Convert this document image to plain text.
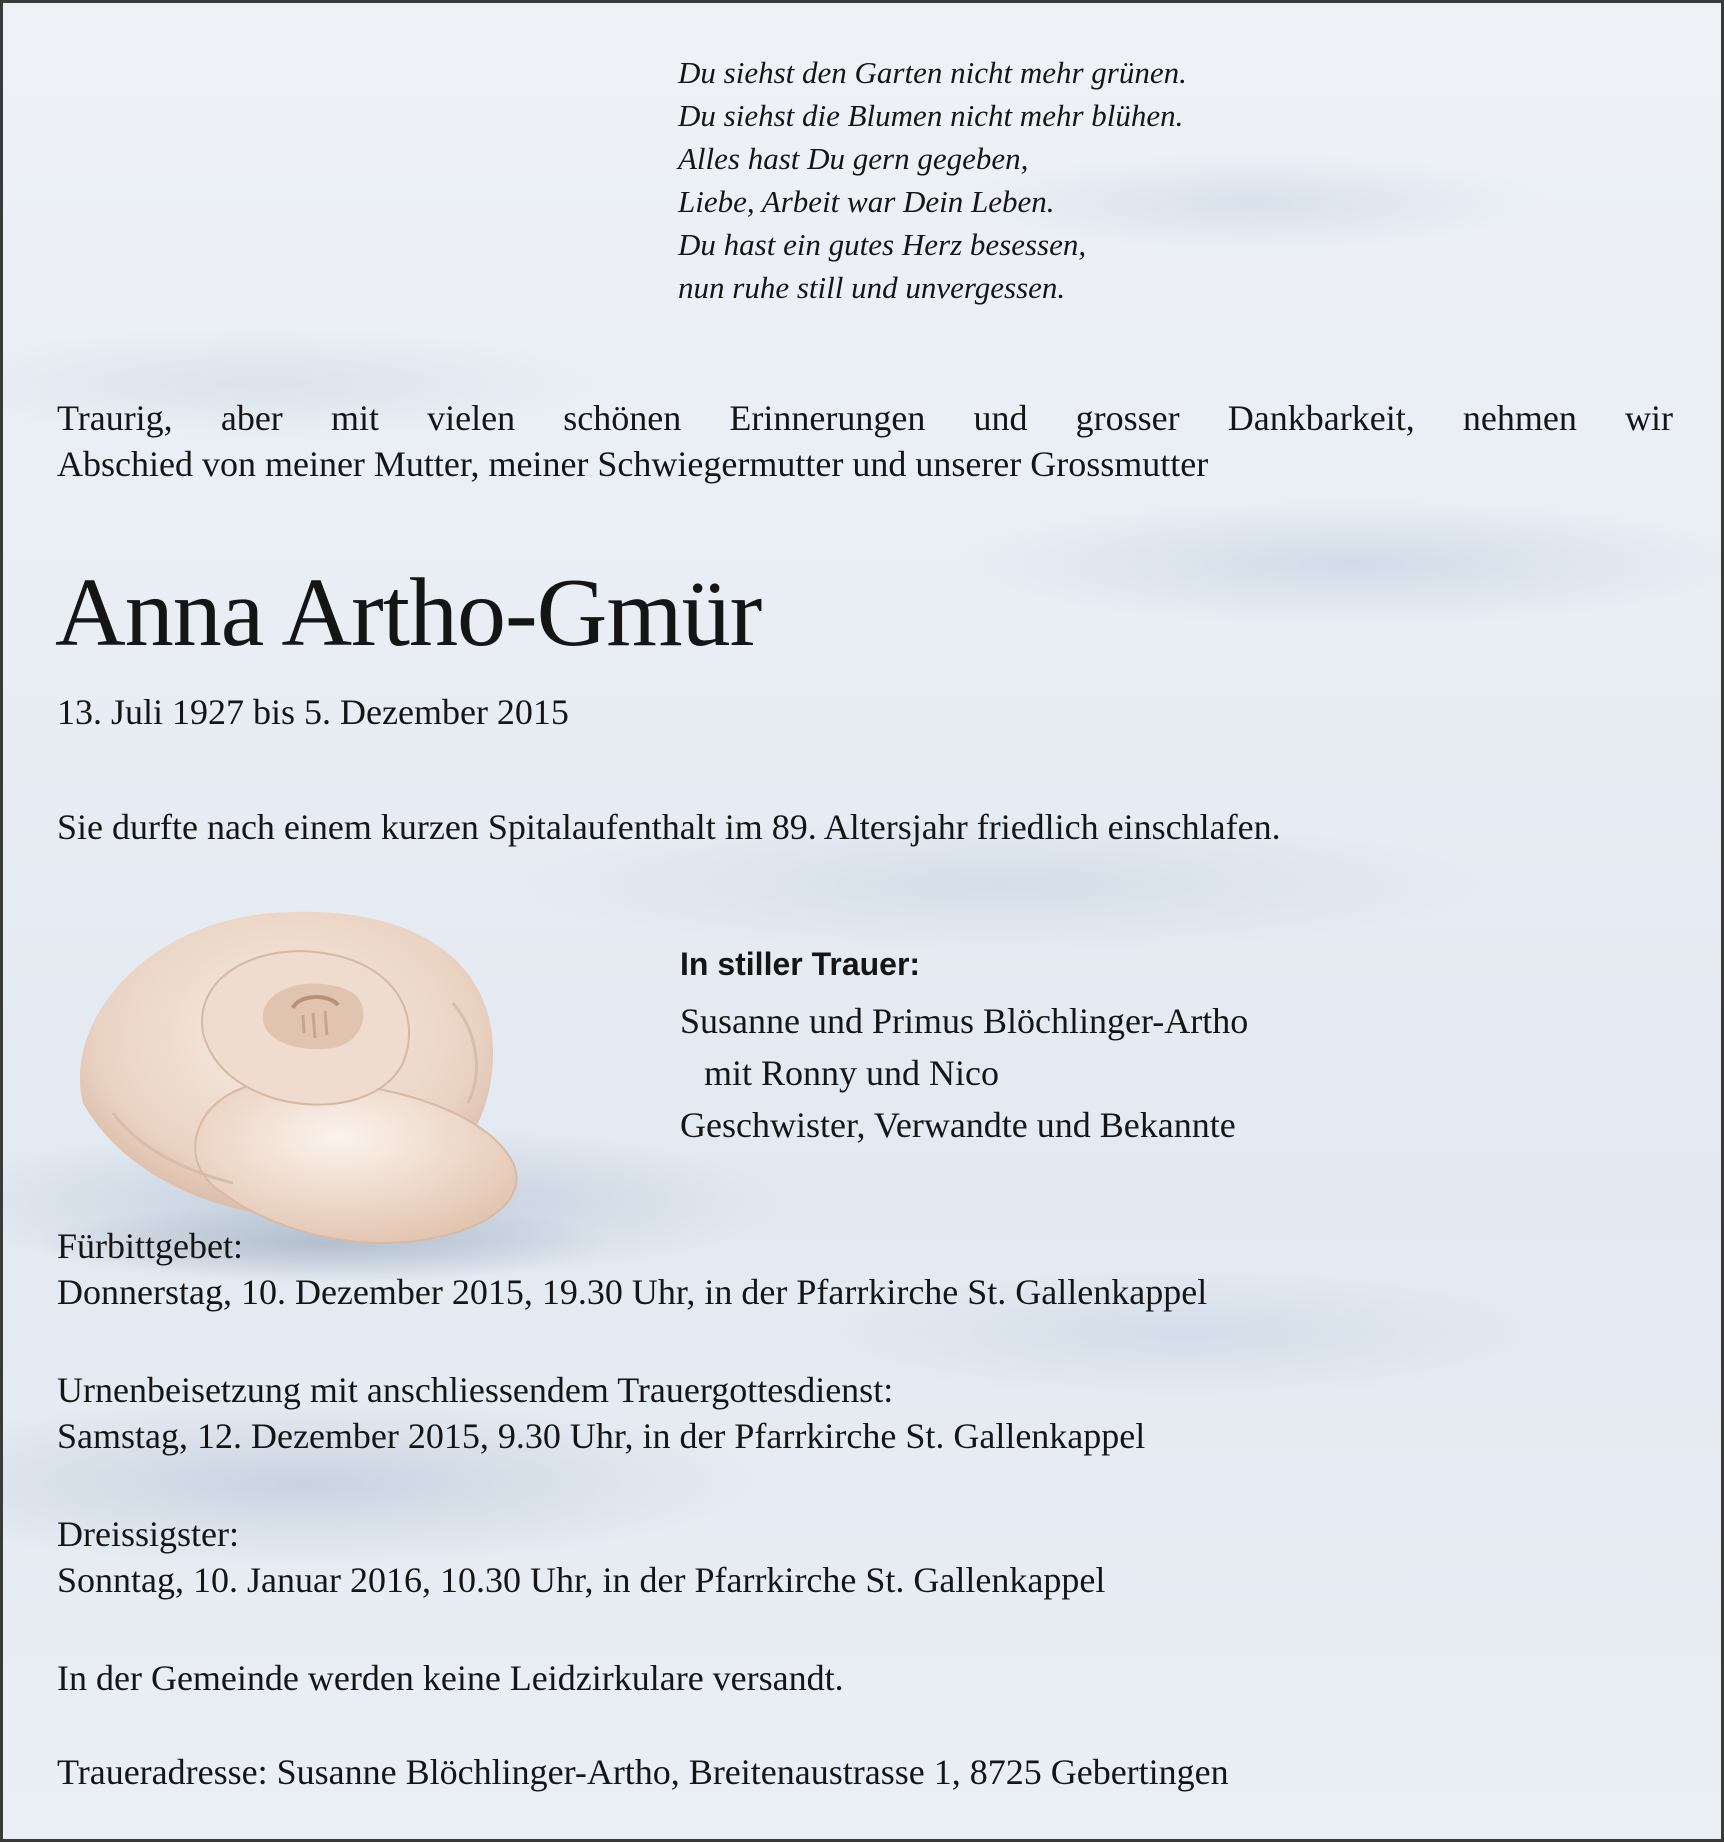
Du siehst den Garten nicht mehr grünen.
Du siehst die Blumen nicht mehr blühen.
Alles hast Du gern gegeben,
Liebe, Arbeit war Dein Leben.
Du hast ein gutes Herz besessen,
nun ruhe still und unvergessen.
Traurig, aber mit vielen schönen Erinnerungen und grosser Dankbarkeit, nehmen wir
Abschied von meiner Mutter, meiner Schwiegermutter und unserer Grossmutter
Anna Artho-Gmür
13. Juli 1927 bis 5. Dezember 2015
Sie durfte nach einem kurzen Spitalaufenthalt im 89. Altersjahr friedlich einschlafen.
In stiller Trauer:
Susanne und Primus Blöchlinger-Artho
mit Ronny und Nico
Geschwister, Verwandte und Bekannte
Fürbittgebet:
Donnerstag, 10. Dezember 2015, 19.30 Uhr, in der Pfarrkirche St. Gallenkappel
Urnenbeisetzung mit anschliessendem Trauergottesdienst:
Samstag, 12. Dezember 2015, 9.30 Uhr, in der Pfarrkirche St. Gallenkappel
Dreissigster:
Sonntag, 10. Januar 2016, 10.30 Uhr, in der Pfarrkirche St. Gallenkappel
In der Gemeinde werden keine Leidzirkulare versandt.
Traueradresse: Susanne Blöchlinger-Artho, Breitenaustrasse 1, 8725 Gebertingen
